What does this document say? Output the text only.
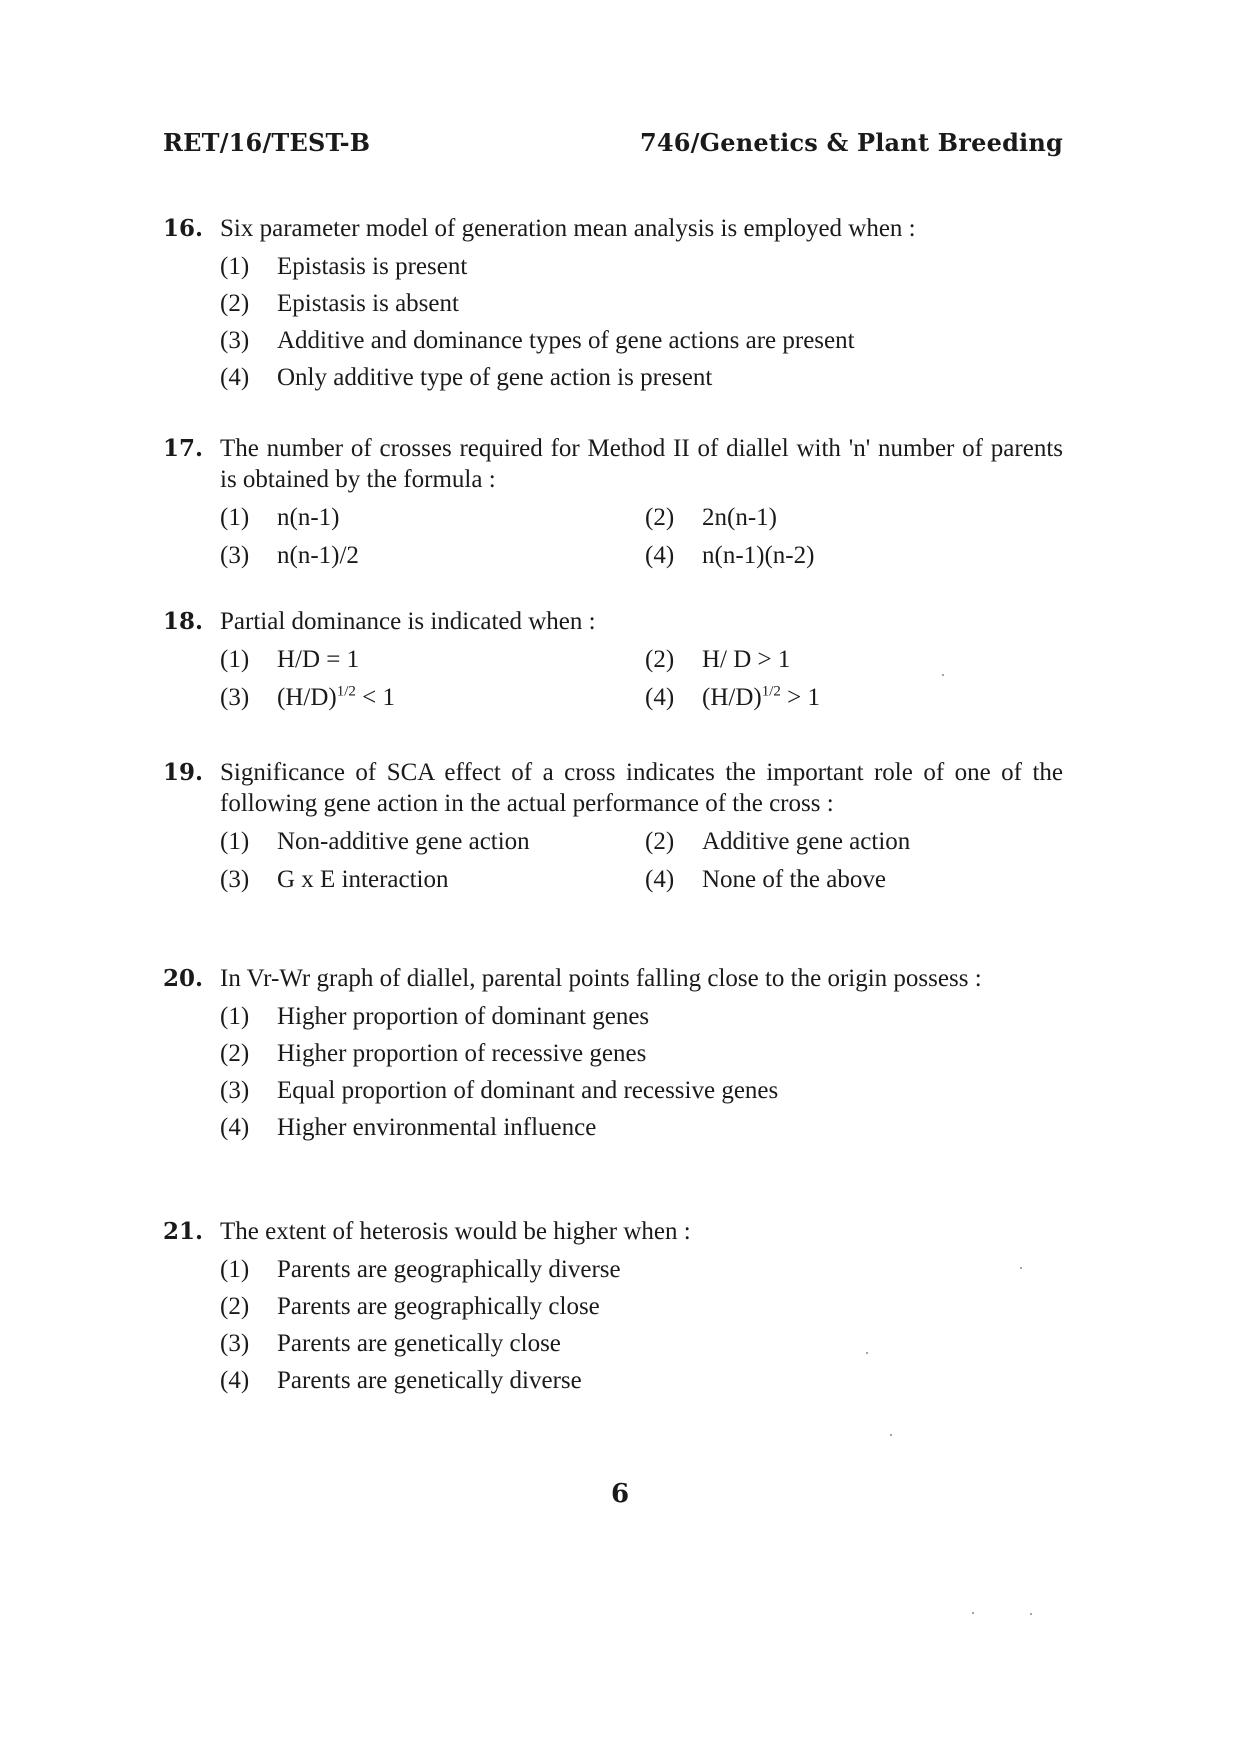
RET/16/TEST-B	746/Genetics & Plant Breeding
16. Six parameter model of generation mean analysis is employed when :
(1)	Epistasis is present
(2)	Epistasis is absent
(3)	Additive and dominance types of gene actions are present
(4)	Only additive type of gene action is present
17. The number of crosses required for Method II of diallel with 'n' number of parents is obtained by the formula :
(1)	n(n-1)	(2)	2n(n-1)
(3)	n(n-1)/2	(4)	n(n-1)(n-2)
18. Partial dominance is indicated when :
(1)	H/D = 1	(2)	H/ D > 1
(3)	$(H/D)^{1/2} < 1$	(4)	$(H/D)^{1/2} > 1$
19. Significance of SCA effect of a cross indicates the important role of one of the following gene action in the actual performance of the cross :
(1)	Non-additive gene action	(2)	Additive gene action
(3)	G x E interaction	(4)	None of the above
20. In Vr-Wr graph of diallel, parental points falling close to the origin possess :
(1)	Higher proportion of dominant genes
(2)	Higher proportion of recessive genes
(3)	Equal proportion of dominant and recessive genes
(4)	Higher environmental influence
21. The extent of heterosis would be higher when :
(1)	Parents are geographically diverse
(2)	Parents are geographically close
(3)	Parents are genetically close
(4)	Parents are genetically diverse
6
